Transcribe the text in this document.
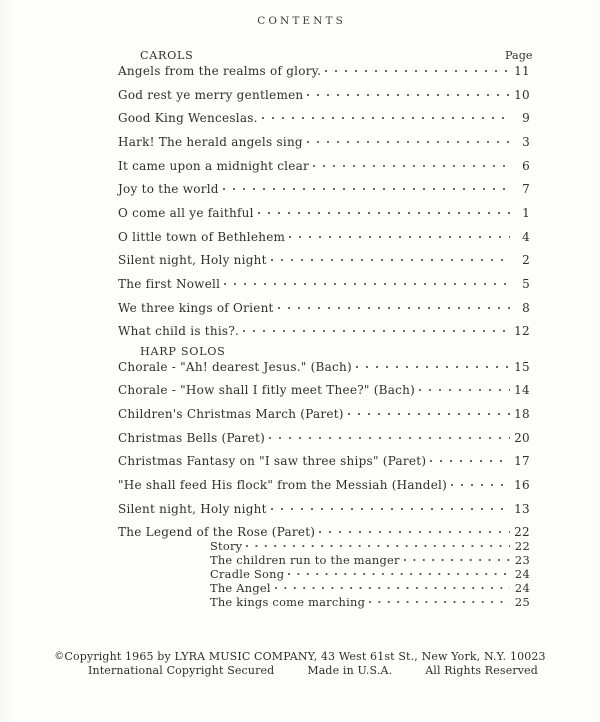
CONTENTS
CAROLS	Page
Angels from the realms of glory.	11
God rest ye merry gentlemen	10
Good King Wenceslas.	9
Hark! The herald angels sing	3
It came upon a midnight clear	6
Joy to the world	7
O come all ye faithful	1
O little town of Bethlehem	4
Silent night, Holy night	2
The first Nowell	5
We three kings of Orient	8
What child is this?.	12
HARP SOLOS
Chorale - "Ah! dearest Jesus." (Bach)	15
Chorale - "How shall I fitly meet Thee?" (Bach)	14
Children's Christmas March (Paret)	18
Christmas Bells (Paret)	20
Christmas Fantasy on "I saw three ships" (Paret)	17
"He shall feed His flock" from the Messiah (Handel)	16
Silent night, Holy night	13
The Legend of the Rose (Paret)	22
Story	22
The children run to the manger	23
Cradle Song	24
The Angel	24
The kings come marching	25
©Copyright 1965 by LYRA MUSIC COMPANY, 43 West 61st St., New York, N.Y. 10023
International Copyright Secured	Made in U.S.A.	All Rights Reserved
